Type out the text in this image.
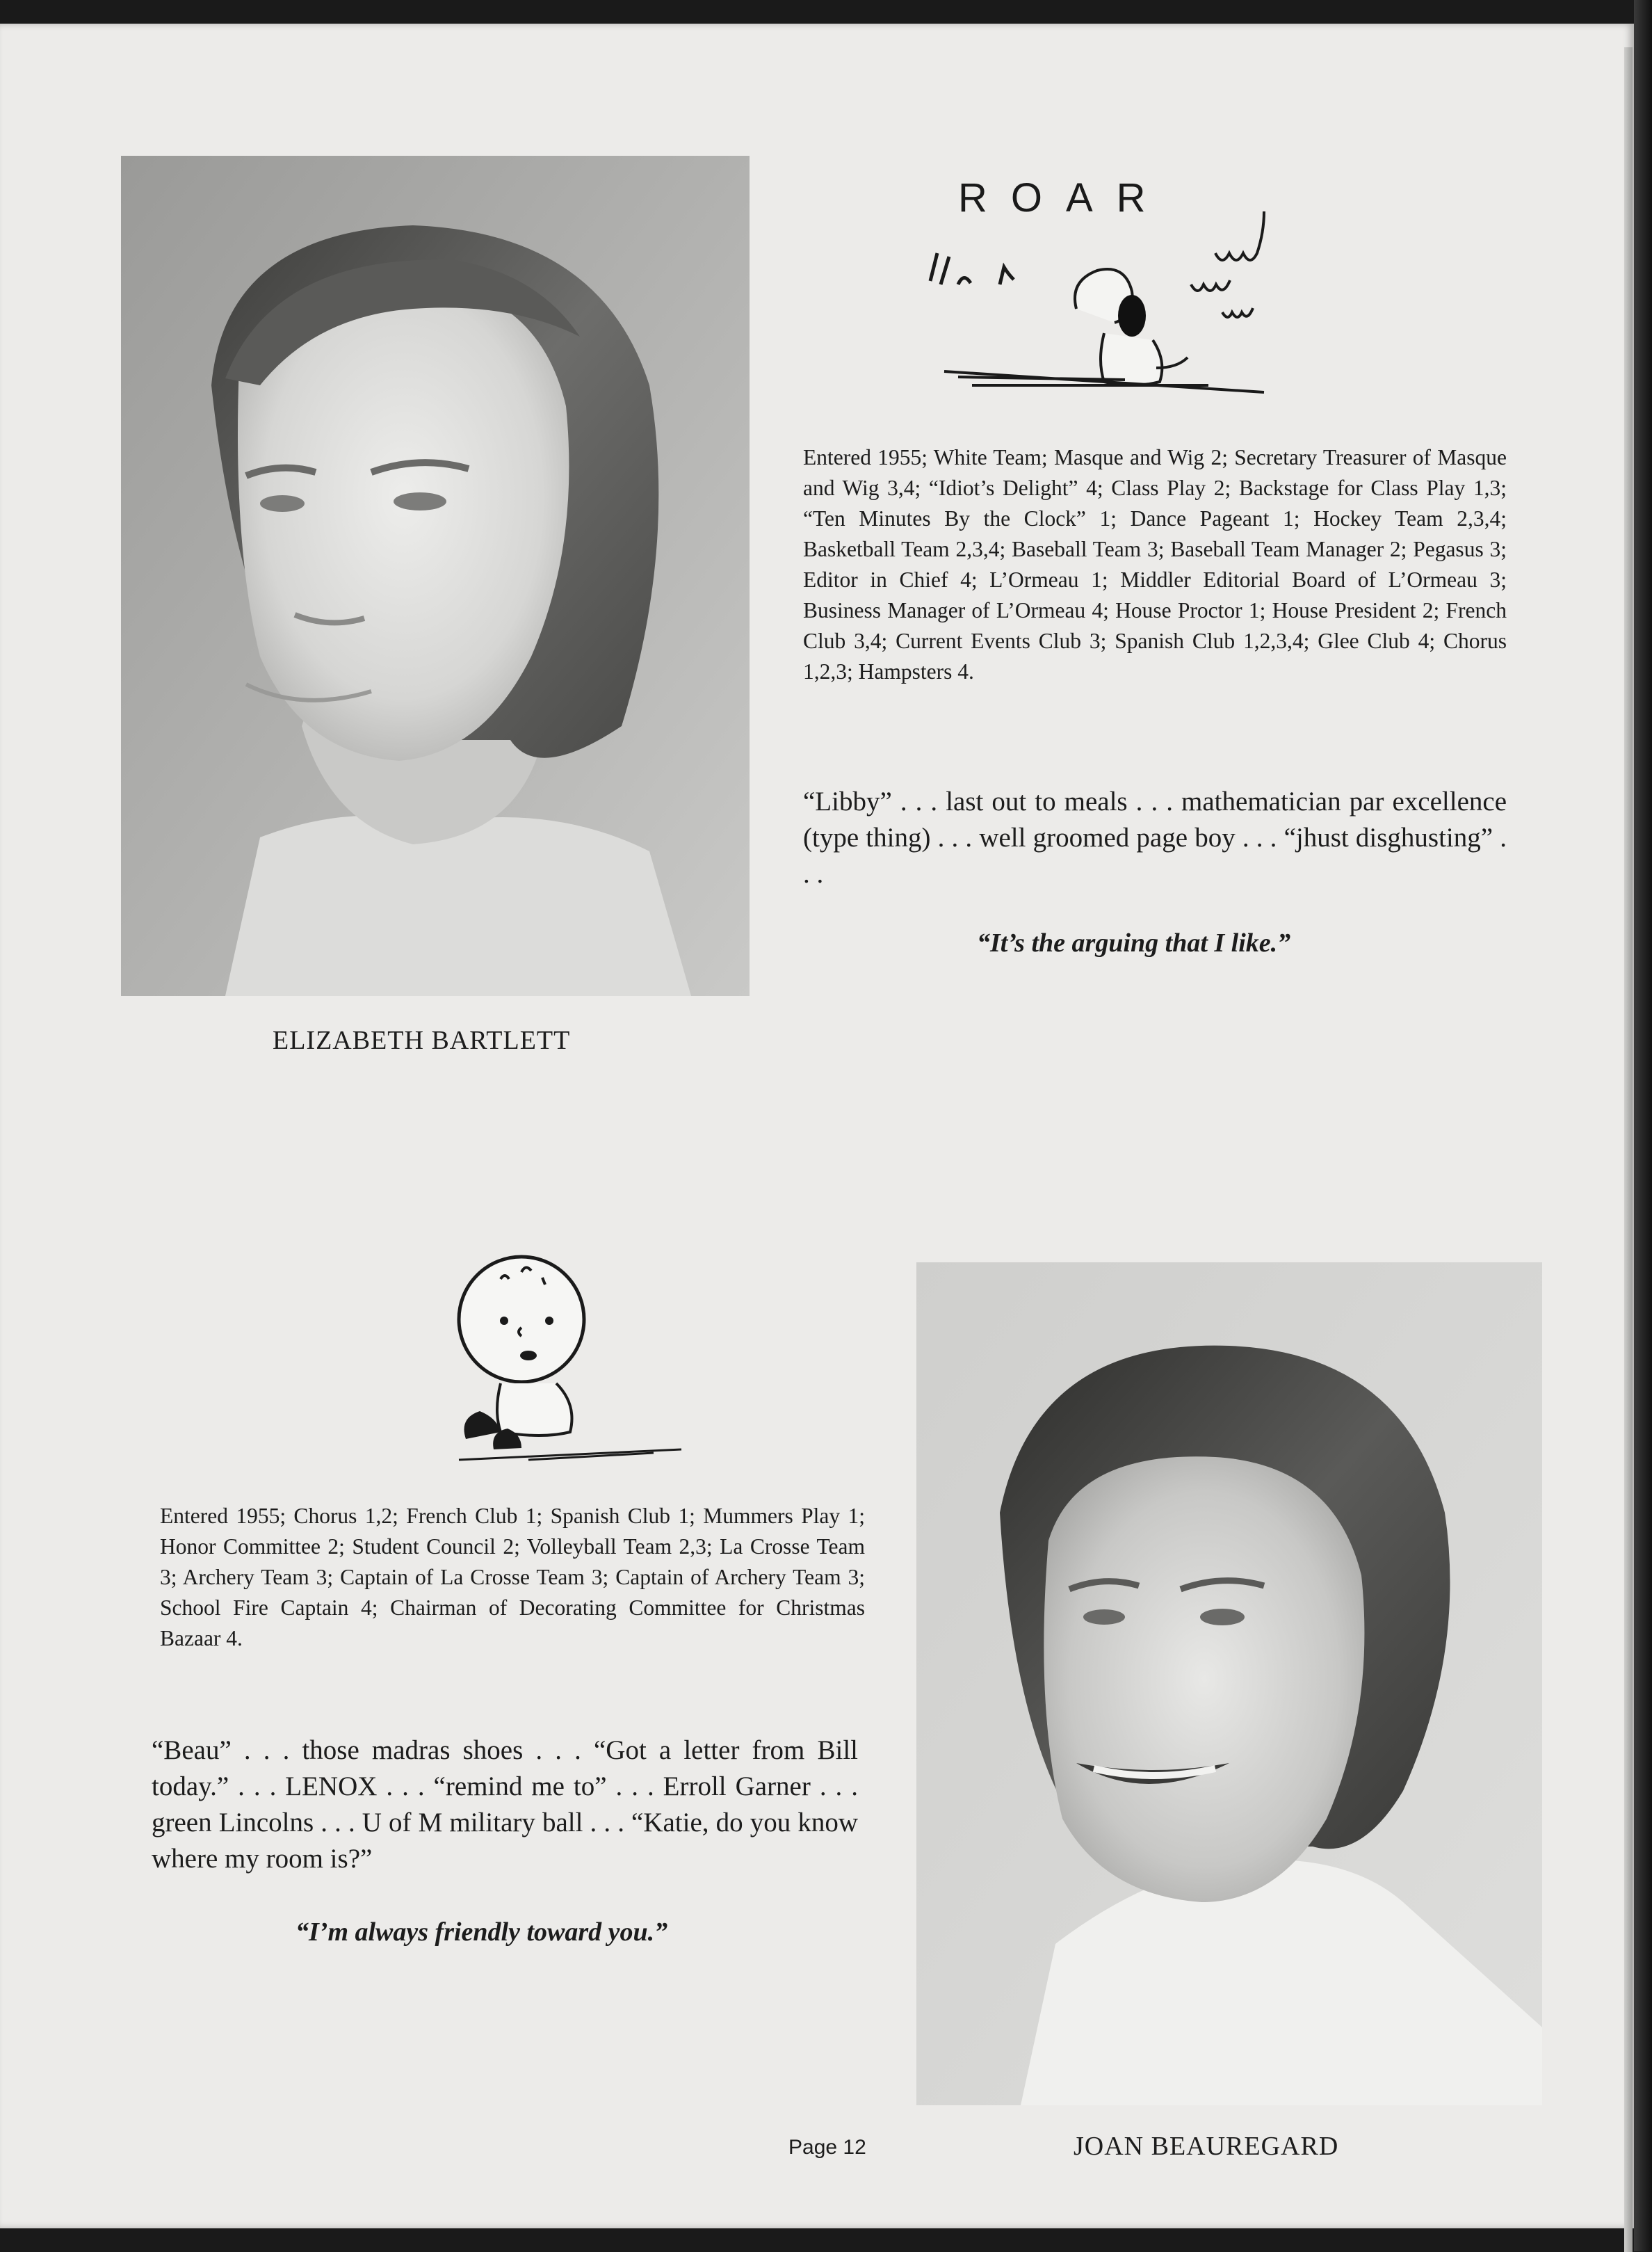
ELIZABETH BARTLETT
ROAR
Entered 1955; White Team; Masque and Wig 2; Secretary Treasurer of Masque and Wig 3,4; “Idiot’s Delight” 4; Class Play 2; Backstage for Class Play 1,3; “Ten Minutes By the Clock” 1; Dance Pageant 1; Hockey Team 2,3,4; Basketball Team 2,3,4; Baseball Team 3; Baseball Team Manager 2; Pegasus 3; Editor in Chief 4; L’Ormeau 1; Middler Editorial Board of L’Ormeau 3; Business Manager of L’Ormeau 4; House Proctor 1; House President 2; French Club 3,4; Current Events Club 3; Spanish Club 1,2,3,4; Glee Club 4; Chorus 1,2,3; Hampsters 4.
“Libby” . . . last out to meals . . . mathematician par excellence (type thing) . . . well groomed page boy . . . “jhust disghusting” . . .
“It’s the arguing that I like.”
Entered 1955; Chorus 1,2; French Club 1; Spanish Club 1; Mummers Play 1; Honor Committee 2; Student Council 2; Volleyball Team 2,3; La Crosse Team 3; Archery Team 3; Captain of La Crosse Team 3; Captain of Archery Team 3; School Fire Captain 4; Chairman of Decorating Committee for Christmas Bazaar 4.
“Beau” . . . those madras shoes . . . “Got a letter from Bill today.” . . . LENOX . . . “remind me to” . . . Erroll Garner . . . green Lincolns . . . U of M military ball . . . “Katie, do you know where my room is?”
“I’m always friendly toward you.”
JOAN BEAUREGARD
Page 12
